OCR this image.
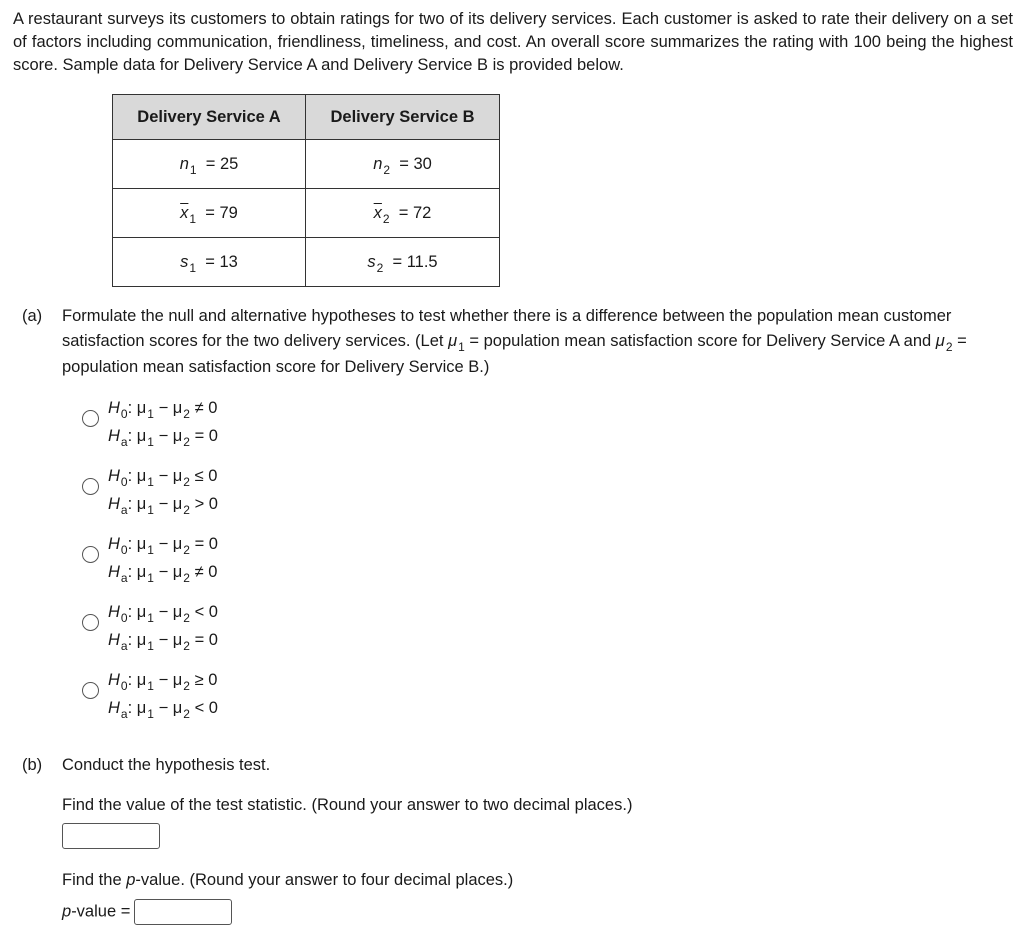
A restaurant surveys its customers to obtain ratings for two of its delivery services. Each customer is asked to rate their delivery on a set of factors including communication, friendliness, timeliness, and cost. An overall score summarizes the rating with 100 being the highest score. Sample data for Delivery Service A and Delivery Service B is provided below.
Delivery Service A	Delivery Service B
$n_1 = 25$	$n_2 = 30$
$\overline{x}_1 = 79$	$\overline{x}_2 = 72$
$s_1 = 13$	$s_2 = 11.5$
(a) Formulate the null and alternative hypotheses to test whether there is a difference between the population mean customer satisfaction scores for the two delivery services. (Let $\mu_1$ = population mean satisfaction score for Delivery Service A and $\mu_2$ = population mean satisfaction score for Delivery Service B.)
$H_0$: $\mu_1 - \mu_2 \ne 0$
$H_a$: $\mu_1 - \mu_2 = 0$
$H_0$: $\mu_1 - \mu_2 \le 0$
$H_a$: $\mu_1 - \mu_2 > 0$
$H_0$: $\mu_1 - \mu_2 = 0$
$H_a$: $\mu_1 - \mu_2 \ne 0$
$H_0$: $\mu_1 - \mu_2 < 0$
$H_a$: $\mu_1 - \mu_2 = 0$
$H_0$: $\mu_1 - \mu_2 \ge 0$
$H_a$: $\mu_1 - \mu_2 < 0$
(b) Conduct the hypothesis test.
Find the value of the test statistic. (Round your answer to two decimal places.)
Find the p-value. (Round your answer to four decimal places.)
p-value =
